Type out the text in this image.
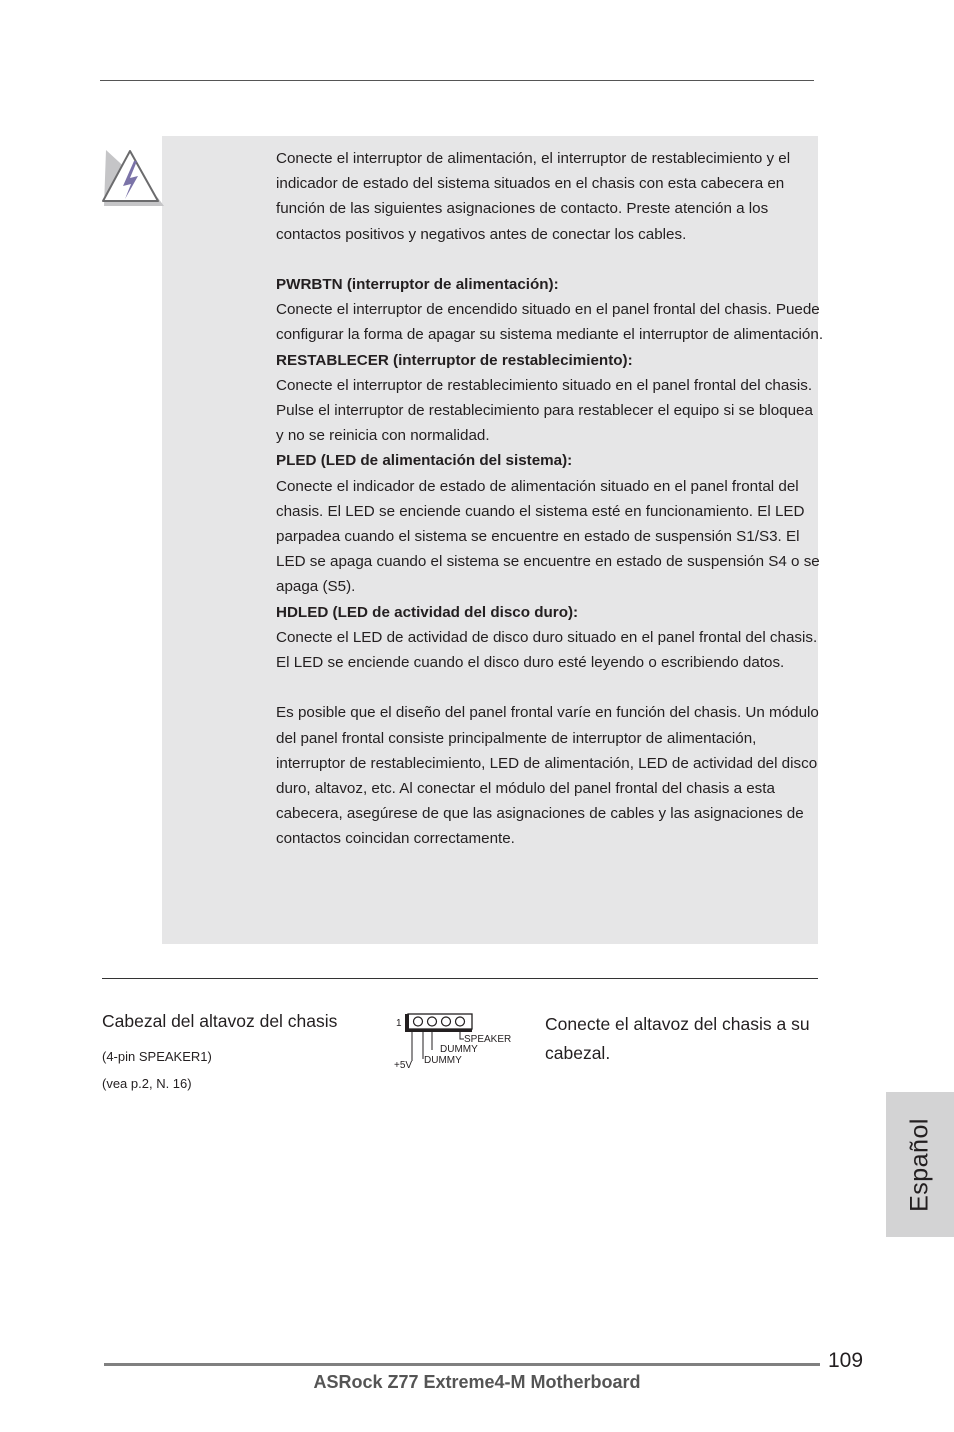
Conecte el interruptor de alimentación, el interruptor de restablecimiento y el indicador de estado del sistema situados en el chasis con esta cabecera en función de las siguientes asignaciones de contacto. Preste atención a los contactos positivos y negativos antes de conectar los cables.

PWRBTN (interruptor de alimentación):

Conecte el interruptor de encendido situado en el panel frontal del chasis. Puede configurar la forma de apagar su sistema mediante el interruptor de alimentación.

RESTABLECER (interruptor de restablecimiento):

Conecte el interruptor de restablecimiento situado en el panel frontal del chasis. Pulse el interruptor de restablecimiento para restablecer el equipo si se bloquea y no se reinicia con normalidad.

PLED (LED de alimentación del sistema):

Conecte el indicador de estado de alimentación situado en el panel frontal del chasis. El LED se enciende cuando el sistema esté en funcionamiento. El LED parpadea cuando el sistema se encuentre en estado de suspensión S1/S3. El LED se apaga cuando el sistema se encuentre en estado de suspensión S4 o se apaga (S5).

HDLED (LED de actividad del disco duro):

Conecte el LED de actividad de disco duro situado en el panel frontal del chasis. El LED se enciende cuando el disco duro esté leyendo o escribiendo datos.

Es posible que el diseño del panel frontal varíe en función del chasis. Un módulo del panel frontal consiste principalmente de interruptor de alimentación, interruptor de restablecimiento, LED de alimentación, LED de actividad del disco duro, altavoz, etc. Al conectar el módulo del panel frontal del chasis a esta cabecera, asegúrese de que las asignaciones de cables y las asignaciones de contactos coincidan correctamente.

Cabezal del altavoz del chasis
(4-pin SPEAKER1)
(vea p.2, N. 16)
1
SPEAKER
DUMMY
DUMMY
+5V
Conecte el altavoz del chasis a su cabezal.
Español
109
ASRock Z77 Extreme4-M Motherboard
